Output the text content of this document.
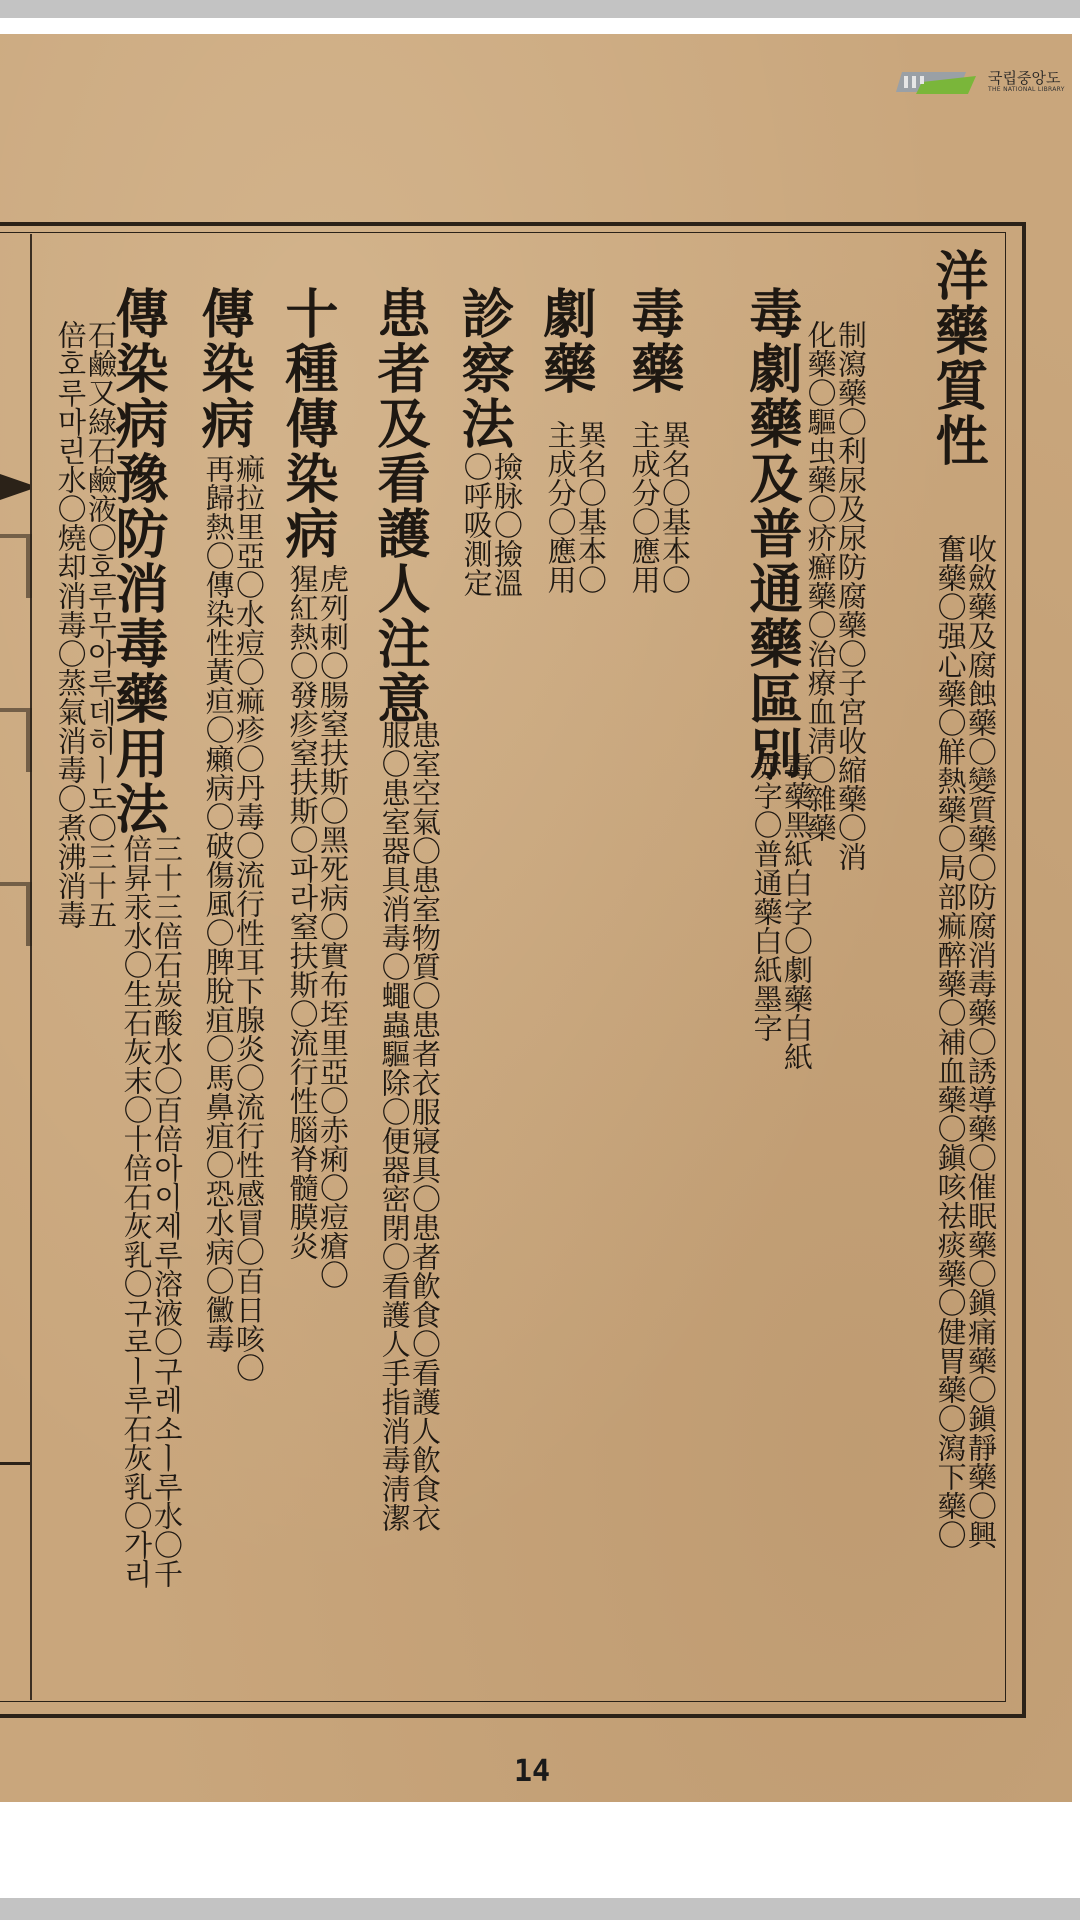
국립중앙도
THE NATIONAL LIBRARY
洋藥質性
收斂藥及腐蝕藥〇變質藥〇防腐消毒藥〇誘導藥〇催眠藥〇鎭痛藥〇鎭靜藥〇興
奮藥〇强心藥〇觧熱藥〇局部痲醉藥〇補血藥〇鎭咳祛痰藥〇健胃藥〇瀉下藥〇
制瀉藥〇利尿及尿防腐藥〇子宮收縮藥〇消
化藥〇驅虫藥〇疥癬藥〇治療血淸〇雜藥
毒劇藥及普通藥區別
毒藥黑紙白字〇劇藥白紙
赤字〇普通藥白紙墨字
毒藥
異名〇基本〇
主成分〇應用
劇藥
異名〇基本〇
主成分〇應用
診察法
撿脉〇撿溫
〇呼吸測定
患者及看護人注意
患室空氣〇患室物質〇患者衣服寢具〇患者飮食〇看護人飮食衣
服〇患室器具消毒〇蠅蟲驅除〇便器密閉〇看護人手指消毒淸潔
十種傳染病
虎列刺〇腸窒扶斯〇黑死病〇實布垤里亞〇赤痢〇痘瘡〇
猩紅熱〇發疹窒扶斯〇파라窒扶斯〇流行性腦脊髓膜炎
傳染病
痲拉里亞〇水痘〇痲疹〇丹毒〇流行性耳下腺炎〇流行性感冒〇百日咳〇
再歸熱〇傳染性黃疸〇癩病〇破傷風〇脾脫疽〇馬鼻疽〇恐水病〇黴毒
傳染病豫防消毒藥用法
三十三倍石炭酸水〇百倍아이제루溶液〇구레소ㅣ루水〇千
倍昇汞水〇生石灰末〇十倍石灰乳〇구로ㅣ루石灰乳〇가리
石鹼又綠石鹼液〇호루무아루데히ㅣ도〇三十五
倍호루마린水〇燒却消毒〇蒸氣消毒〇煮沸消毒
14
